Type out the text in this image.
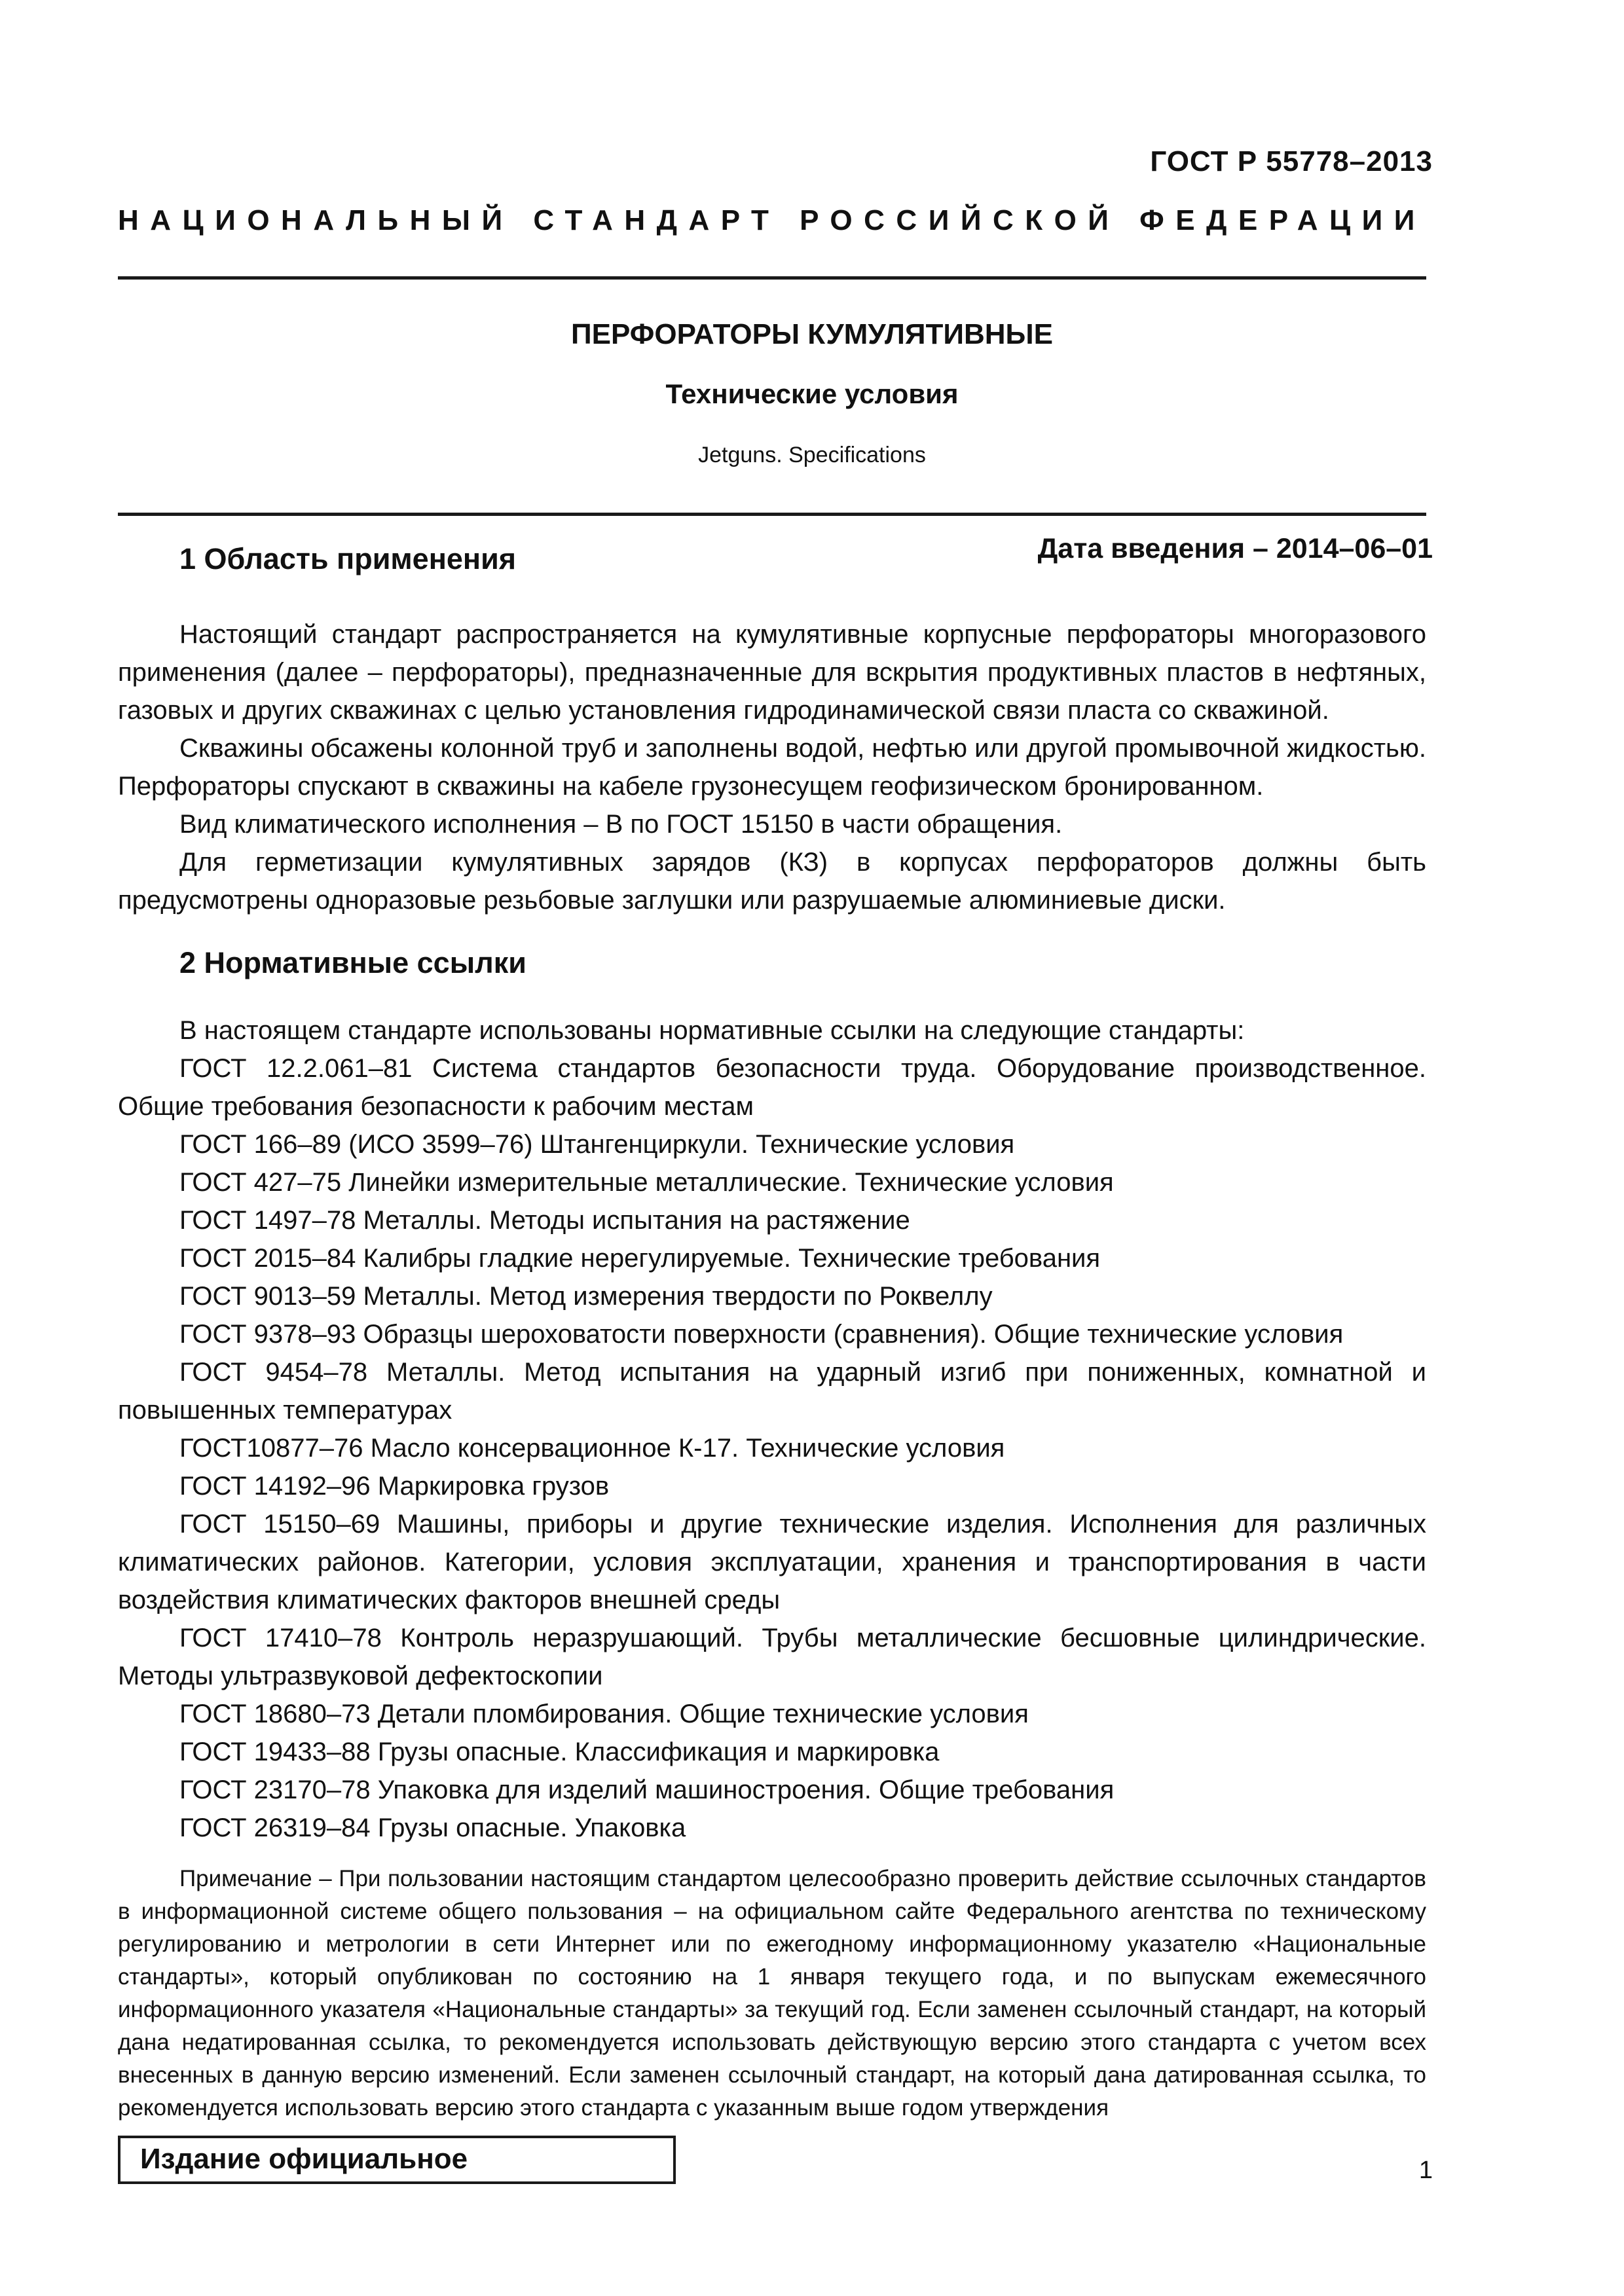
ГОСТ Р 55778–2013
НАЦИОНАЛЬНЫЙ СТАНДАРТ РОССИЙСКОЙ ФЕДЕРАЦИИ
ПЕРФОРАТОРЫ КУМУЛЯТИВНЫЕ
Технические условия
Jetguns. Specifications
1 Область применения	Дата введения – 2014–06–01

Настоящий стандарт распространяется на кумулятивные корпусные перфораторы многоразового применения (далее – перфораторы), предназначенные для вскрытия продуктивных пластов в нефтяных, газовых и других скважинах с целью установления гидродинамической связи пласта со скважиной.

Скважины обсажены колонной труб и заполнены водой, нефтью или другой промывочной жидкостью. Перфораторы спускают в скважины на кабеле грузонесущем геофизическом бронированном.

Вид климатического исполнения – В по ГОСТ 15150 в части обращения.

Для герметизации кумулятивных зарядов (КЗ) в корпусах перфораторов должны быть предусмотрены одноразовые резьбовые заглушки или разрушаемые алюминиевые диски.

2 Нормативные ссылки

В настоящем стандарте использованы нормативные ссылки на следующие стандарты:

ГОСТ 12.2.061–81 Система стандартов безопасности труда. Оборудование производственное. Общие требования безопасности к рабочим местам

ГОСТ 166–89 (ИСО 3599–76) Штангенциркули. Технические условия

ГОСТ 427–75 Линейки измерительные металлические. Технические условия

ГОСТ 1497–78 Металлы. Методы испытания на растяжение

ГОСТ 2015–84 Калибры гладкие нерегулируемые. Технические требования

ГОСТ 9013–59 Металлы. Метод измерения твердости по Роквеллу

ГОСТ 9378–93 Образцы шероховатости поверхности (сравнения). Общие технические условия

ГОСТ 9454–78 Металлы. Метод испытания на ударный изгиб при пониженных, комнатной и повышенных температурах

ГОСТ10877–76 Масло консервационное К-17. Технические условия

ГОСТ 14192–96 Маркировка грузов

ГОСТ 15150–69 Машины, приборы и другие технические изделия. Исполнения для различных климатических районов. Категории, условия эксплуатации, хранения и транспортирования в части воздействия климатических факторов внешней среды

ГОСТ 17410–78 Контроль неразрушающий. Трубы металлические бесшовные цилиндрические. Методы ультразвуковой дефектоскопии

ГОСТ 18680–73 Детали пломбирования. Общие технические условия

ГОСТ 19433–88 Грузы опасные. Классификация и маркировка

ГОСТ 23170–78 Упаковка для изделий машиностроения. Общие требования

ГОСТ 26319–84 Грузы опасные. Упаковка

Примечание – При пользовании настоящим стандартом целесообразно проверить действие ссылочных стандартов в информационной системе общего пользования – на официальном сайте Федерального агентства по техническому регулированию и метрологии в сети Интернет или по ежегодному информационному указателю «Национальные стандарты», который опубликован по состоянию на 1 января текущего года, и по выпускам ежемесячного информационного указателя «Национальные стандарты» за текущий год. Если заменен ссылочный стандарт, на который дана недатированная ссылка, то рекомендуется использовать действующую версию этого стандарта с учетом всех внесенных в данную версию изменений. Если заменен ссылочный стандарт, на который дана датированная ссылка, то рекомендуется использовать версию этого стандарта с указанным выше годом утверждения

Издание официальное	1
